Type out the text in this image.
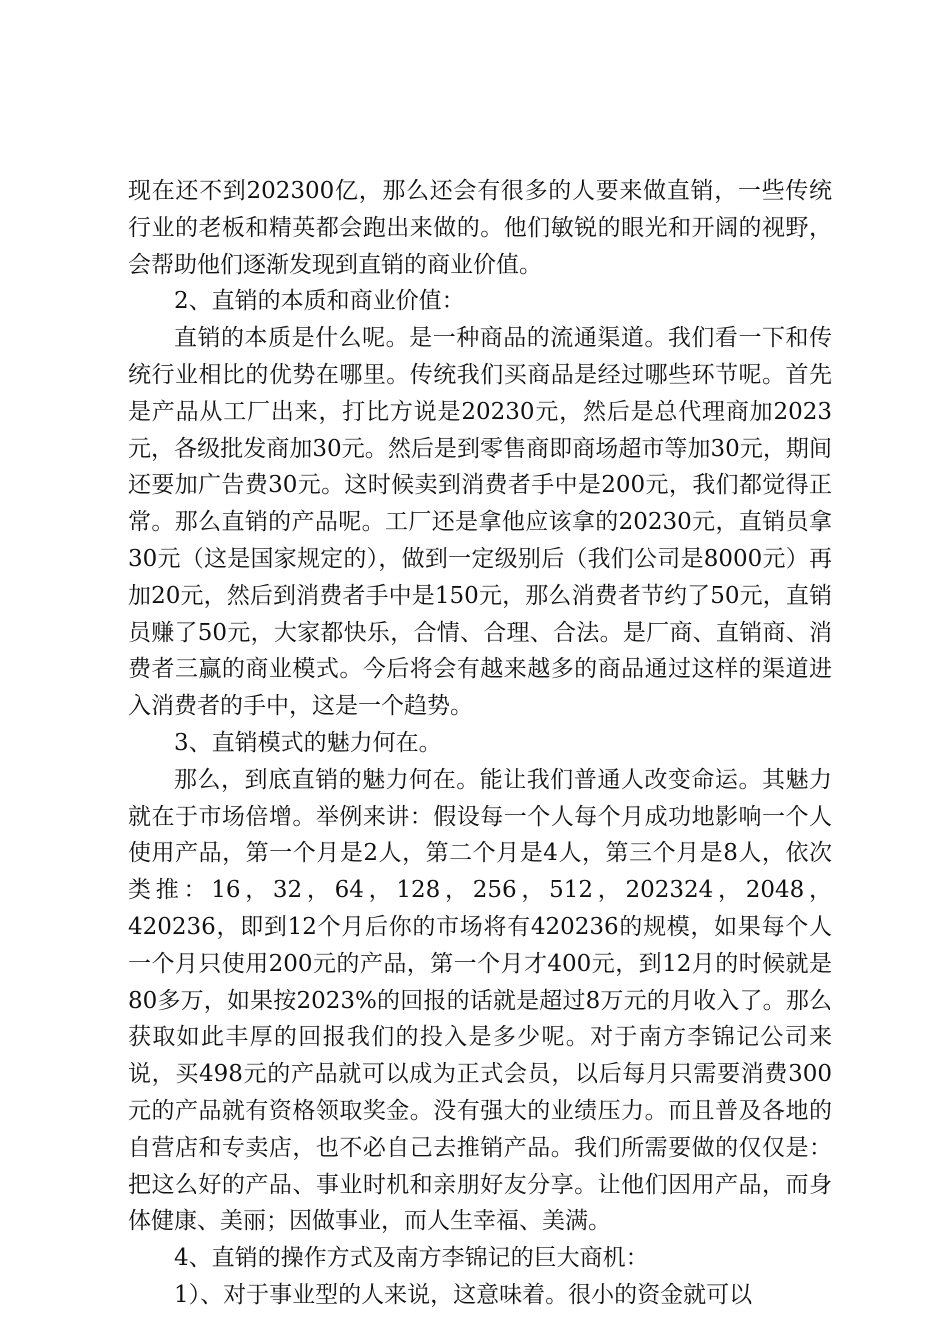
现在还不到202300亿，那么还会有很多的人要来做直销，一些传统行业的老板和精英都会跑出来做的。他们敏锐的眼光和开阔的视野，会帮助他们逐渐发现到直销的商业价值。

2、直销的本质和商业价值：

直销的本质是什么呢。是一种商品的流通渠道。我们看一下和传统行业相比的优势在哪里。传统我们买商品是经过哪些环节呢。首先是产品从工厂出来，打比方说是20230元，然后是总代理商加2023元，各级批发商加30元。然后是到零售商即商场超市等加30元，期间还要加广告费30元。这时候卖到消费者手中是200元，我们都觉得正常。那么直销的产品呢。工厂还是拿他应该拿的20230元，直销员拿30元（这是国家规定的），做到一定级别后（我们公司是8000元）再加20元，然后到消费者手中是150元，那么消费者节约了50元，直销员赚了50元，大家都快乐，合情、合理、合法。是厂商、直销商、消费者三赢的商业模式。今后将会有越来越多的商品通过这样的渠道进入消费者的手中，这是一个趋势。

3、直销模式的魅力何在。

那么，到底直销的魅力何在。能让我们普通人改变命运。其魅力就在于市场倍增。举例来讲：假设每一个人每个月成功地影响一个人使用产品，第一个月是2人，第二个月是4人，第三个月是8人，依次类推：16，32，64，128，256，512，202324，2048，420236，即到12个月后你的市场将有420236的规模，如果每个人一个月只使用200元的产品，第一个月才400元，到12月的时候就是80多万，如果按2023%的回报的话就是超过8万元的月收入了。那么获取如此丰厚的回报我们的投入是多少呢。对于南方李锦记公司来说，买498元的产品就可以成为正式会员，以后每月只需要消费300元的产品就有资格领取奖金。没有强大的业绩压力。而且普及各地的自营店和专卖店，也不必自己去推销产品。我们所需要做的仅仅是：把这么好的产品、事业时机和亲朋好友分享。让他们因用产品，而身体健康、美丽；因做事业，而人生幸福、美满。

4、直销的操作方式及南方李锦记的巨大商机：

1）、对于事业型的人来说，这意味着。很小的资金就可以
